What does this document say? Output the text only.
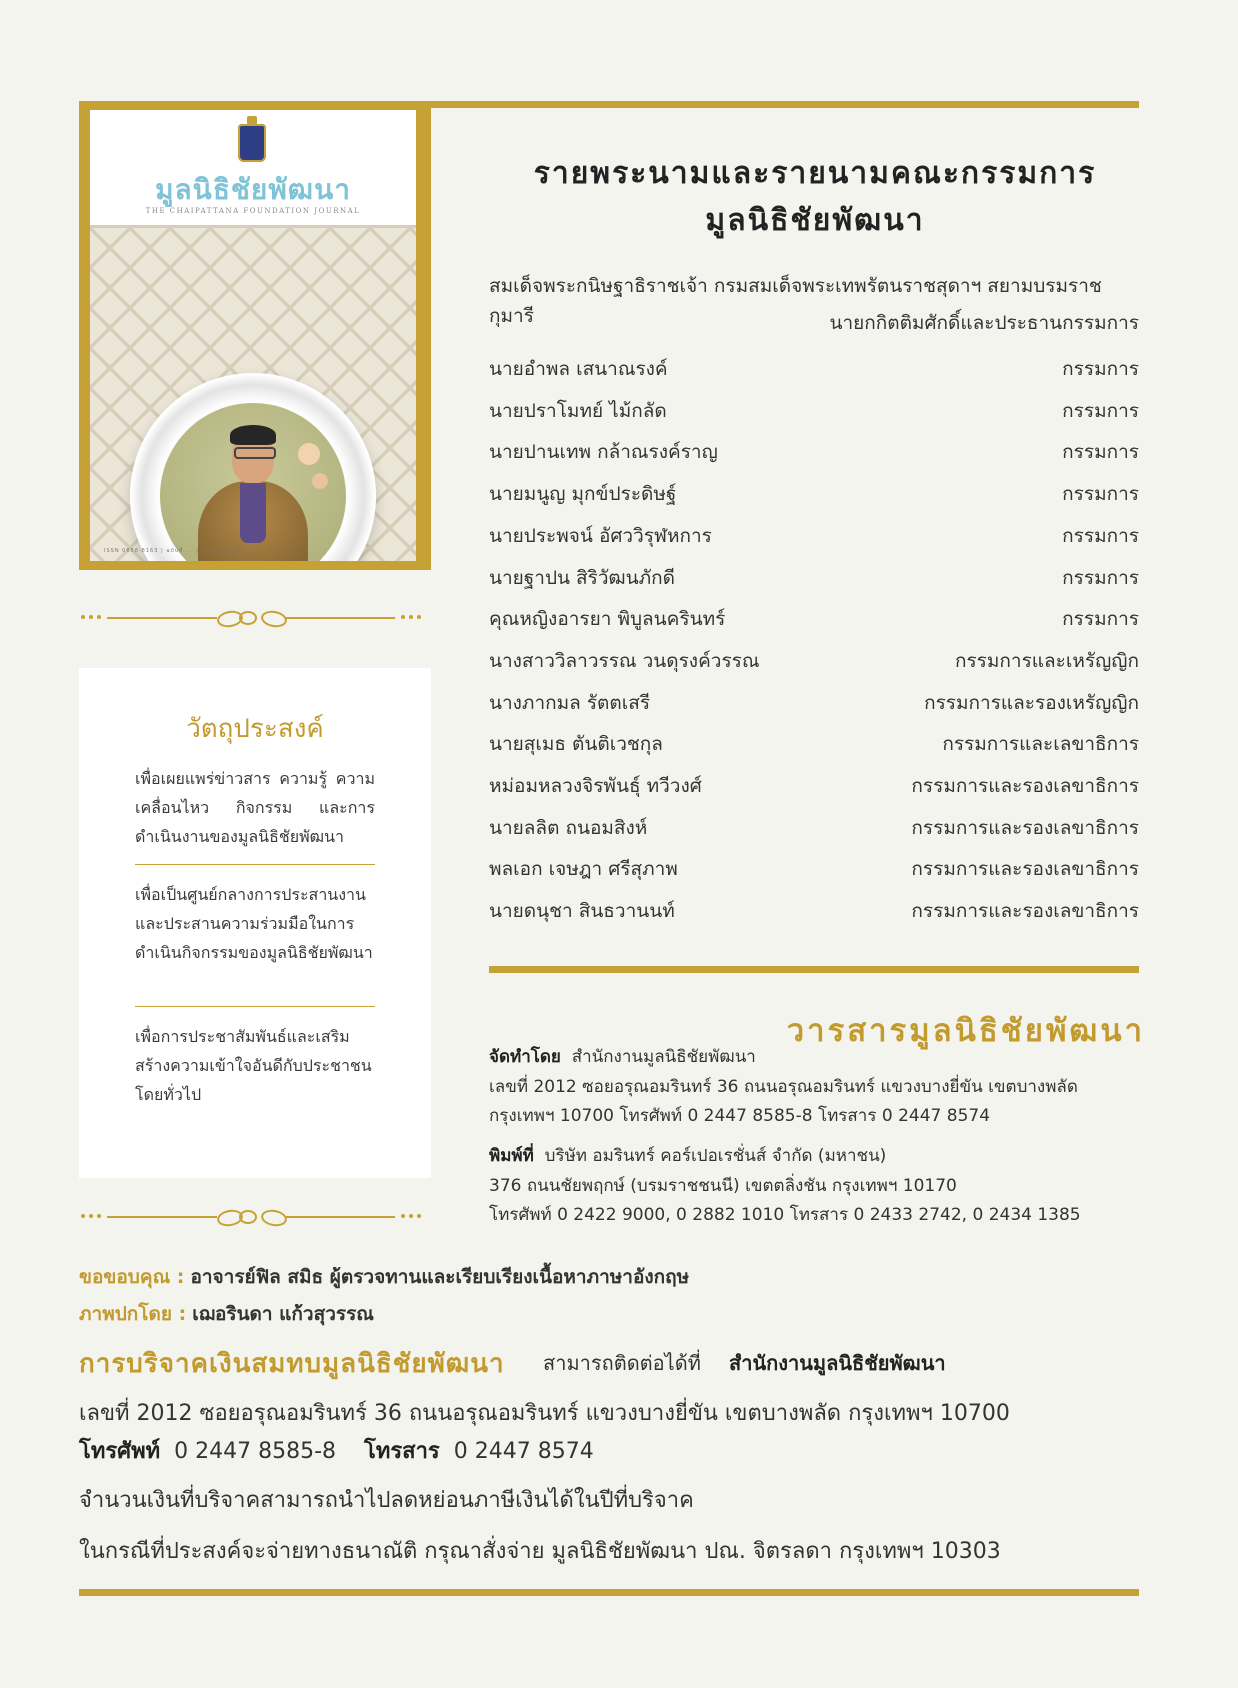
มูลนิธิชัยพัฒนา
THE CHAIPATTANA FOUNDATION JOURNAL
ISSN 0858-8163 | ฉบับที่ ... | ธันวาคม 2563
วัตถุประสงค์
เพื่อเผยแพร่ข่าวสาร ความรู้ ความเคลื่อนไหว กิจกรรม และการดำเนินงานของมูลนิธิชัยพัฒนา
เพื่อเป็นศูนย์กลางการประสานงานและประสานความร่วมมือในการดำเนินกิจกรรมของมูลนิธิชัยพัฒนา
เพื่อการประชาสัมพันธ์และเสริมสร้างความเข้าใจอันดีกับประชาชนโดยทั่วไป
รายพระนามและรายนามคณะกรรมการ
มูลนิธิชัยพัฒนา
สมเด็จพระกนิษฐาธิราชเจ้า กรมสมเด็จพระเทพรัตนราชสุดาฯ สยามบรมราชกุมารี	นายกกิตติมศักดิ์และประธานกรรมการ
นายอำพล เสนาณรงค์	กรรมการ
นายปราโมทย์ ไม้กลัด	กรรมการ
นายปานเทพ กล้าณรงค์ราญ	กรรมการ
นายมนูญ มุกข์ประดิษฐ์	กรรมการ
นายประพจน์ อัศววิรุฬหการ	กรรมการ
นายฐาปน สิริวัฒนภักดี	กรรมการ
คุณหญิงอารยา พิบูลนครินทร์	กรรมการ
นางสาววิลาวรรณ วนดุรงค์วรรณ	กรรมการและเหรัญญิก
นางภากมล รัตตเสรี	กรรมการและรองเหรัญญิก
นายสุเมธ ตันติเวชกุล	กรรมการและเลขาธิการ
หม่อมหลวงจิรพันธุ์ ทวีวงศ์	กรรมการและรองเลขาธิการ
นายลลิต ถนอมสิงห์	กรรมการและรองเลขาธิการ
พลเอก เจษฎา ศรีสุภาพ	กรรมการและรองเลขาธิการ
นายดนุชา สินธวานนท์	กรรมการและรองเลขาธิการ
วารสารมูลนิธิชัยพัฒนา
จัดทำโดย สำนักงานมูลนิธิชัยพัฒนา
เลขที่ 2012 ซอยอรุณอมรินทร์ 36 ถนนอรุณอมรินทร์ แขวงบางยี่ขัน เขตบางพลัด
กรุงเทพฯ 10700 โทรศัพท์ 0 2447 8585-8 โทรสาร 0 2447 8574
พิมพ์ที่ บริษัท อมรินทร์ คอร์เปอเรชั่นส์ จำกัด (มหาชน)
376 ถนนชัยพฤกษ์ (บรมราชชนนี) เขตตลิ่งชัน กรุงเทพฯ 10170
โทรศัพท์ 0 2422 9000, 0 2882 1010 โทรสาร 0 2433 2742, 0 2434 1385
ขอขอบคุณ : อาจารย์ฟิล สมิธ ผู้ตรวจทานและเรียบเรียงเนื้อหาภาษาอังกฤษ
ภาพปกโดย : เฌอรินดา แก้วสุวรรณ
การบริจาคเงินสมทบมูลนิธิชัยพัฒนา สามารถติดต่อได้ที่ สำนักงานมูลนิธิชัยพัฒนา
เลขที่ 2012 ซอยอรุณอมรินทร์ 36 ถนนอรุณอมรินทร์ แขวงบางยี่ขัน เขตบางพลัด กรุงเทพฯ 10700
โทรศัพท์ 0 2447 8585-8 โทรสาร 0 2447 8574
จำนวนเงินที่บริจาคสามารถนำไปลดหย่อนภาษีเงินได้ในปีที่บริจาค
ในกรณีที่ประสงค์จะจ่ายทางธนาณัติ กรุณาสั่งจ่าย มูลนิธิชัยพัฒนา ปณ. จิตรลดา กรุงเทพฯ 10303
